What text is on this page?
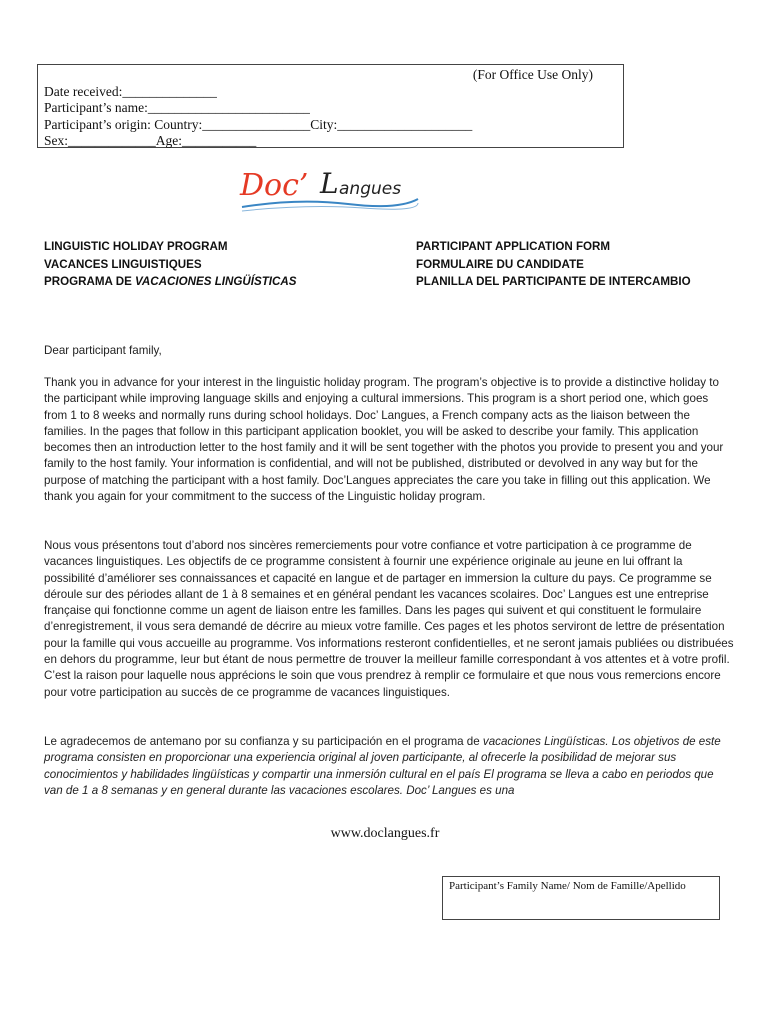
(For Office Use Only)
Date received:______________
Participant’s name:________________________
Participant’s origin: Country:________________City:____________________
Sex:_____________Age:___________
Doc’ L angues
LINGUISTIC HOLIDAY PROGRAM
VACANCES LINGUISTIQUES
PROGRAMA DE VACACIONES LINGÜÍSTICAS
PARTICIPANT APPLICATION FORM
FORMULAIRE DU CANDIDATE
PLANILLA DEL PARTICIPANTE DE INTERCAMBIO
Dear participant family,
Thank you in advance for your interest in the linguistic holiday program. The program’s objective is to provide a distinctive holiday to the participant while improving language skills and enjoying a cultural immersions. This program is a short period one, which goes from 1 to 8 weeks and normally runs during school holidays. Doc’ Langues, a French company acts as the liaison between the families. In the pages that follow in this participant application booklet, you will be asked to describe your family. This application becomes then an introduction letter to the host family and it will be sent together with the photos you provide to present you and your family to the host family. Your information is confidential, and will not be published, distributed or devolved in any way but for the purpose of matching the participant with a host family. Doc’Langues appreciates the care you take in filling out this application. We thank you again for your commitment to the success of the Linguistic holiday program.
Nous vous présentons tout d’abord nos sincères remerciements pour votre confiance et votre participation à ce programme de vacances linguistiques. Les objectifs de ce programme consistent à fournir une expérience originale au jeune en lui offrant la possibilité d’améliorer ses connaissances et capacité en langue et de partager en immersion la culture du pays. Ce programme se déroule sur des périodes allant de 1 à 8 semaines et en général pendant les vacances scolaires. Doc’ Langues est une entreprise française qui fonctionne comme un agent de liaison entre les familles. Dans les pages qui suivent et qui constituent le formulaire d’enregistrement, il vous sera demandé de décrire au mieux votre famille. Ces pages et les photos serviront de lettre de présentation pour la famille qui vous accueille au programme. Vos informations resteront confidentielles, et ne seront jamais publiées ou distribuées en dehors du programme, leur but étant de nous permettre de trouver la meilleur famille correspondant à vos attentes et à votre profil. C’est la raison pour laquelle nous apprécions le soin que vous prendrez à remplir ce formulaire et que nous vous remercions encore pour votre participation au succès de ce programme de vacances linguistiques.
Le agradecemos de antemano por su confianza y su participación en el programa de vacaciones Lingüísticas. Los objetivos de este programa consisten en proporcionar una experiencia original al joven participante, al ofrecerle la posibilidad de mejorar sus conocimientos y habilidades lingüísticas y compartir una inmersión cultural en el país El programa se lleva a cabo en periodos que van de 1 a 8 semanas y en general durante las vacaciones escolares. Doc’ Langues es una
www.doclangues.fr
Participant’s Family Name/ Nom de Famille/Apellido
